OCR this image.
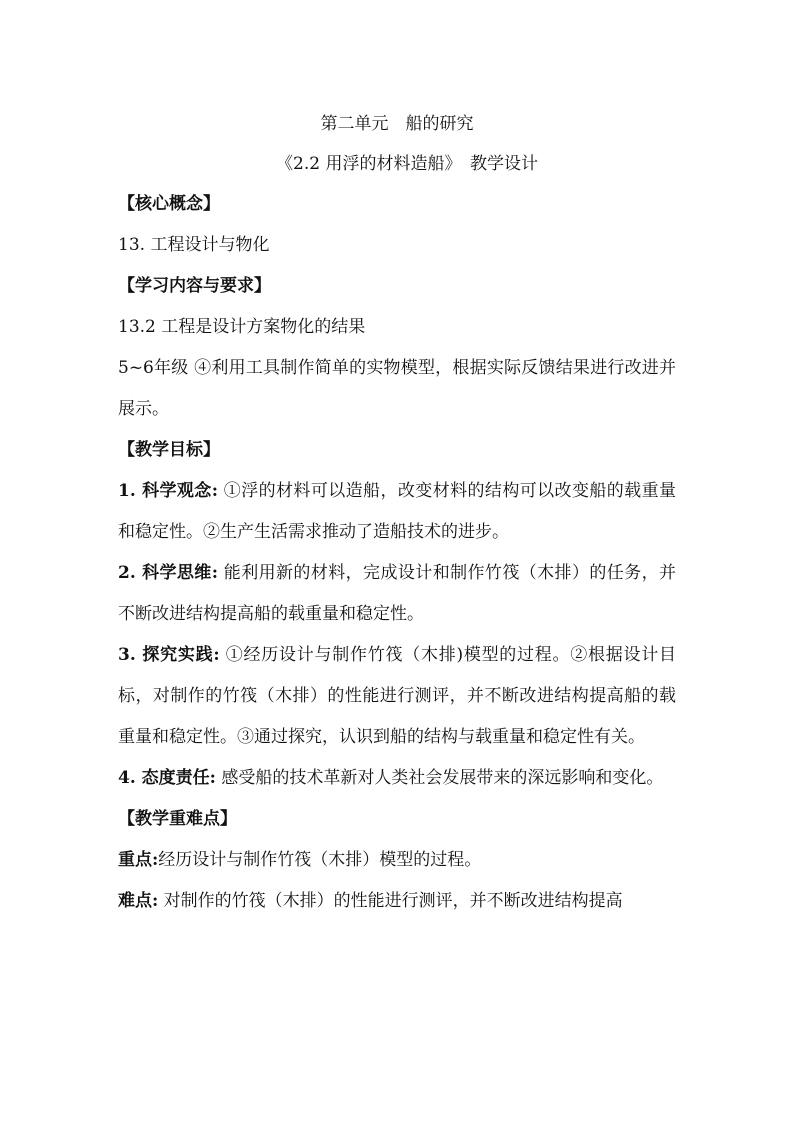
第二单元　船的研究

《2.2 用浮的材料造船》　教学设计

【核心概念】

13. 工程设计与物化

【学习内容与要求】

13.2 工程是设计方案物化的结果

5~6年级 ④利用工具制作简单的实物模型，根据实际反馈结果进行改进并展示。

【教学目标】

1. 科学观念: ①浮的材料可以造船，改变材料的结构可以改变船的载重量和稳定性。②生产生活需求推动了造船技术的进步。

2. 科学思维: 能利用新的材料，完成设计和制作竹筏（木排）的任务，并不断改进结构提高船的载重量和稳定性。

3. 探究实践: ①经历设计与制作竹筏（木排)模型的过程。②根据设计目标，对制作的竹筏（木排）的性能进行测评，并不断改进结构提高船的载重量和稳定性。③通过探究，认识到船的结构与载重量和稳定性有关。

4. 态度责任: 感受船的技术革新对人类社会发展带来的深远影响和变化。

【教学重难点】

重点:经历设计与制作竹筏（木排）模型的过程。

难点: 对制作的竹筏（木排）的性能进行测评，并不断改进结构提高
